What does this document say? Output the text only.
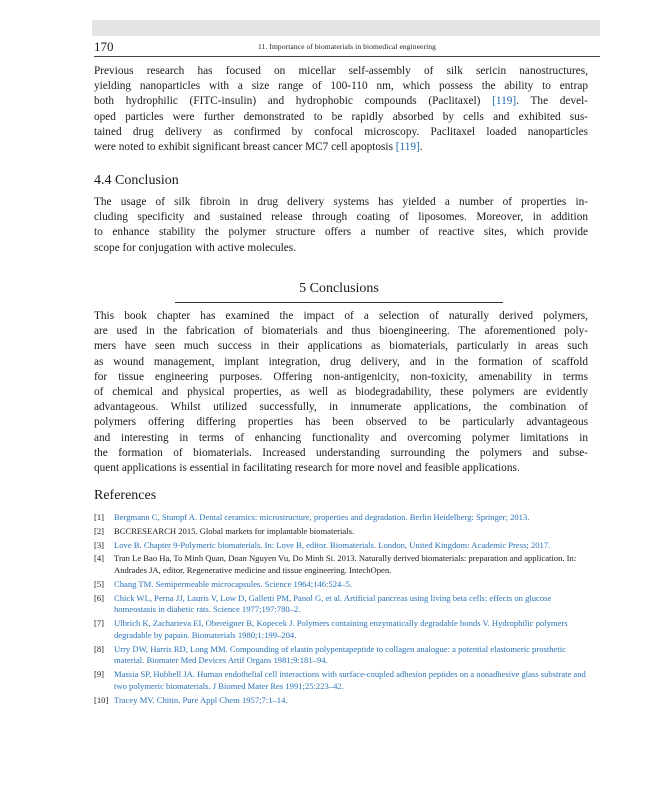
170	11. Importance of biomaterials in biomedical engineering
Previous research has focused on micellar self-assembly of silk sericin nanostructures,
yielding nanoparticles with a size range of 100-110 nm, which possess the ability to entrap
both hydrophilic (FITC-insulin) and hydrophobic compounds (Paclitaxel) [119]. The devel-
oped particles were further demonstrated to be rapidly absorbed by cells and exhibited sus-
tained drug delivery as confirmed by confocal microscopy. Paclitaxel loaded nanoparticles
were noted to exhibit significant breast cancer MC7 cell apoptosis [119].
4.4 Conclusion
The usage of silk fibroin in drug delivery systems has yielded a number of properties in-
cluding specificity and sustained release through coating of liposomes. Moreover, in addition
to enhance stability the polymer structure offers a number of reactive sites, which provide
scope for conjugation with active molecules.
5 Conclusions
This book chapter has examined the impact of a selection of naturally derived polymers,
are used in the fabrication of biomaterials and thus bioengineering. The aforementioned poly-
mers have seen much success in their applications as biomaterials, particularly in areas such
as wound management, implant integration, drug delivery, and in the formation of scaffold
for tissue engineering purposes. Offering non-antigenicity, non-toxicity, amenability in terms
of chemical and physical properties, as well as biodegradability, these polymers are evidently
advantageous. Whilst utilized successfully, in innumerate applications, the combination of
polymers offering differing properties has been observed to be particularly advantageous
and interesting in terms of enhancing functionality and overcoming polymer limitations in
the formation of biomaterials. Increased understanding surrounding the polymers and subse-
quent applications is essential in facilitating research for more novel and feasible applications.
References
[1]	Bergmann C, Stumpf A. Dental ceramics: microstructure, properties and degradation. Berlin Heidelberg: Springer; 2013.
[2]	BCCRESEARCH 2015. Global markets for implantable biomaterials.
[3]	Love B. Chapter 9-Polymeric biomaterials. In: Love B, editor. Biomaterials. London, United Kingdom: Academic Press; 2017.
[4]	Tran Le Bao Ha, To Minh Quan, Doan Nguyen Vu, Do Minh Si. 2013. Naturally derived biomaterials: preparation and application. In: Andrades JA, editor. Regenerative medicine and tissue engineering. IntechOpen.
[5]	Chang TM. Semipermeable microcapsules. Science 1964;146:524–5.
[6]	Chick WL, Perna JJ, Lauris V, Low D, Galletti PM, Panol G, et al. Artificial pancreas using living beta cells: effects on glucose homeostasis in diabetic rats. Science 1977;197:780–2.
[7]	Ulbrich K, Zacharieva EI, Obereigner B, Kopecek J. Polymers containing enzymatically degradable bonds V. Hydrophilic polymers degradable by papain. Biomaterials 1980;1:199–204.
[8]	Urry DW, Harris RD, Long MM. Compounding of elastin polypentapeptide to collagen analogue: a potential elastomeric prosthetic material. Biomater Med Devices Artif Organs 1981;9:181–94.
[9]	Massia SP, Hubbell JA. Human endothelial cell interactions with surface-coupled adhesion peptides on a nonadhesive glass substrate and two polymeric biomaterials. J Biomed Mater Res 1991;25:223–42.
[10] Tracey MV. Chitin. Pure Appl Chem 1957;7:1–14.
